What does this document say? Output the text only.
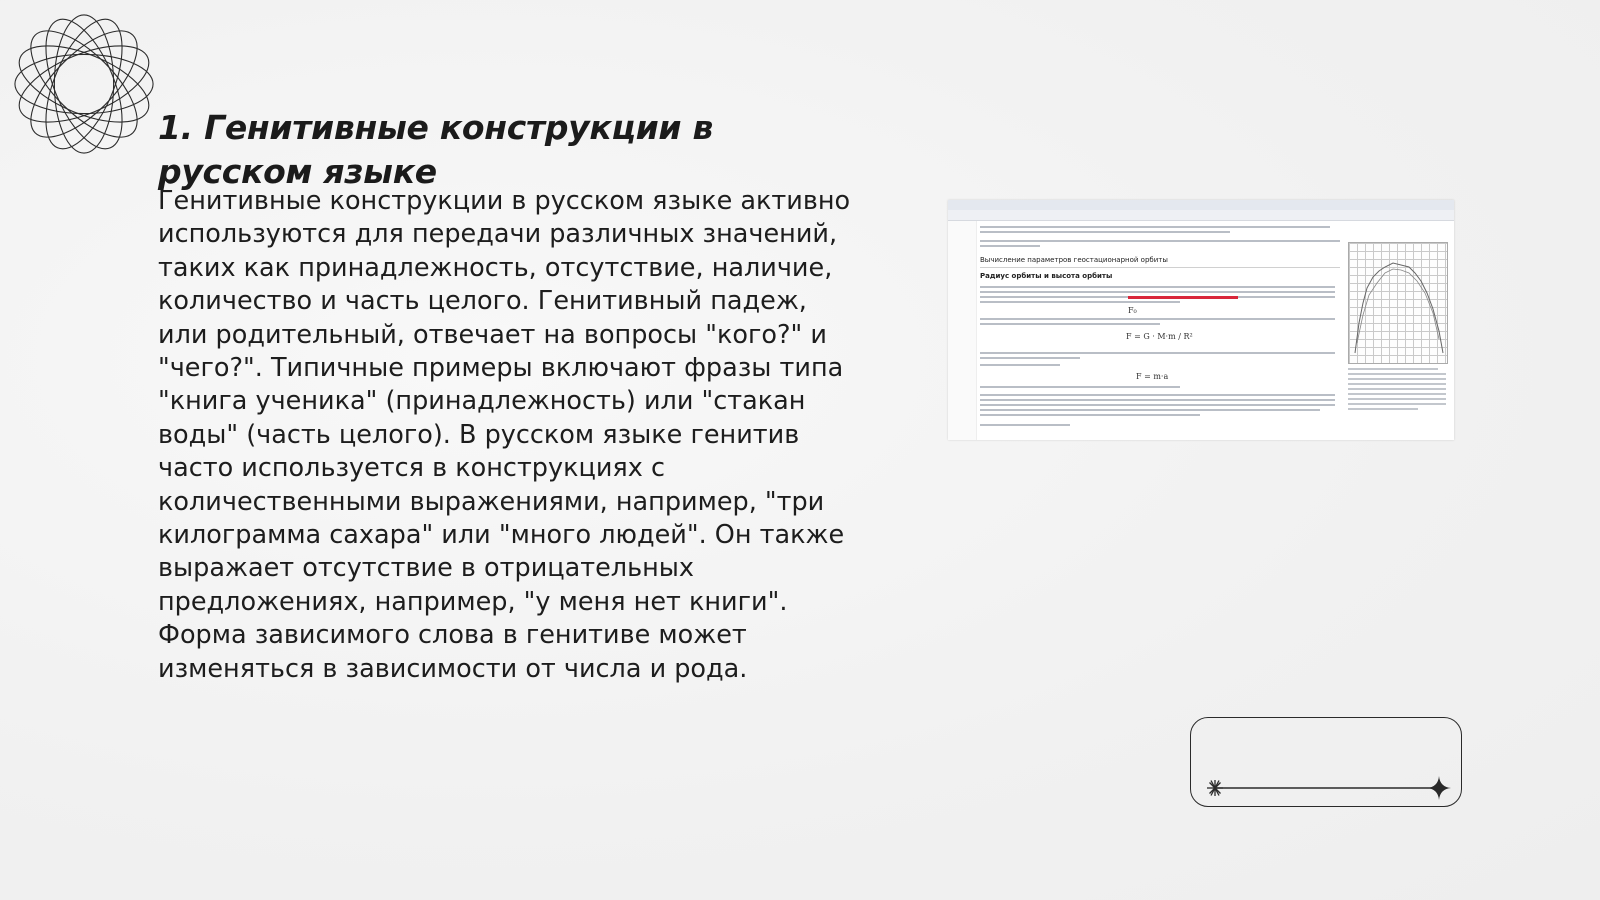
1. Генитивные конструкции в русском языке

Генитивные конструкции в русском языке активно используются для передачи различных значений, таких как принадлежность, отсутствие, наличие, количество и часть целого. Генитивный падеж, или родительный, отвечает на вопросы "кого?" и "чего?". Типичные примеры включают фразы типа "книга ученика" (принадлежность) или "стакан воды" (часть целого). В русском языке генитив часто используется в конструкциях с количественными выражениями, например, "три килограмма сахара" или "много людей". Он также выражает отсутствие в отрицательных предложениях, например, "у меня нет книги". Форма зависимого слова в генитиве может изменяться в зависимости от числа и рода.

Вычисление параметров геостационарной орбиты
Радиус орбиты и высота орбиты
F₀
F = G · M·m / R²
F = m·a
